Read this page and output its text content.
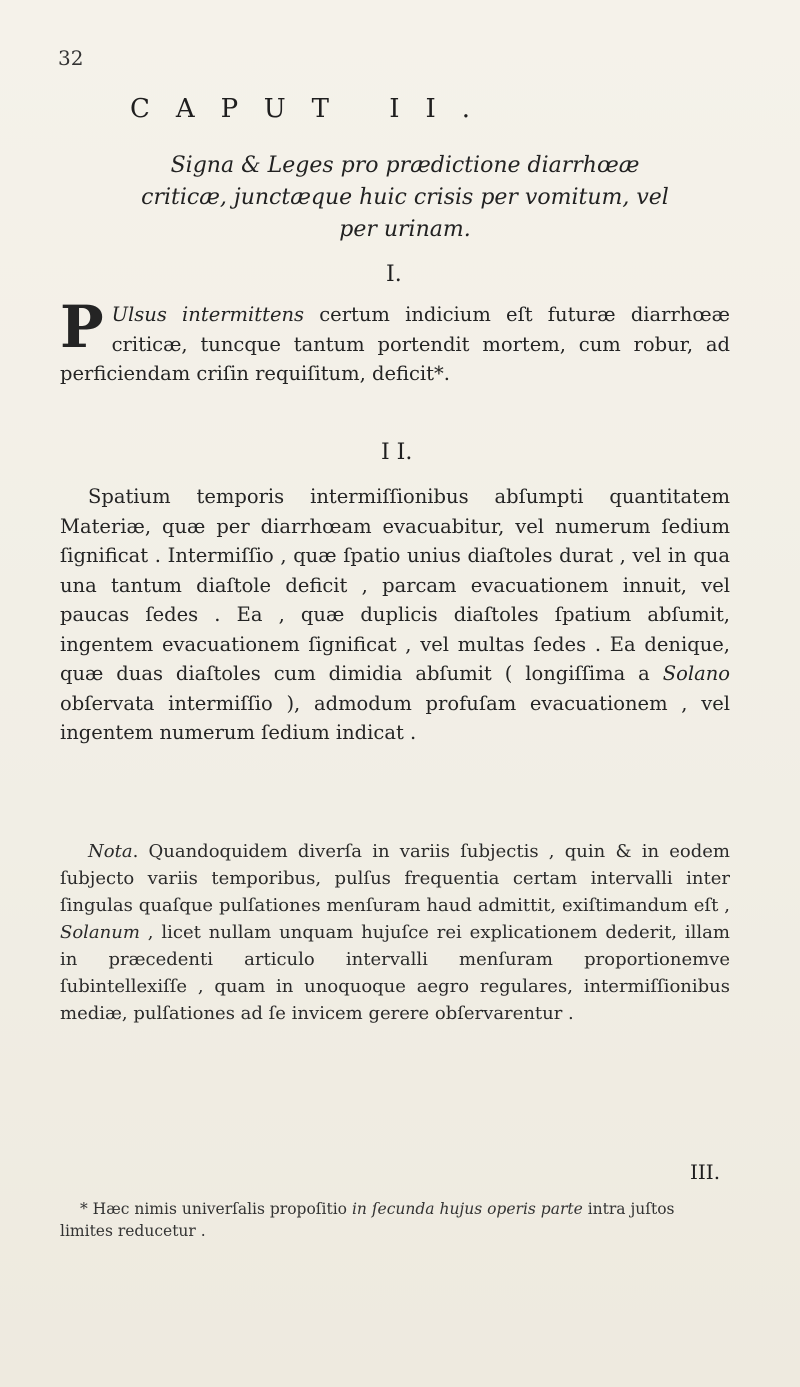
32
CAPUT II.
Signa & Leges pro prædictione diarrhœæ criticæ, junctæque huic crisis per vomitum, vel per urinam.
I.
P Ulsus intermittens certum indicium eſt futuræ diarrhœæ criticæ, tuncque tantum portendit mortem, cum robur, ad perficiendam criſin requiſitum, deficit*.
I I.
Spatium temporis intermiſſionibus abſumpti quantitatem Materiæ, quæ per diarrhœam evacuabitur, vel numerum ſedium ſignificat . Intermiſſio , quæ ſpatio unius diaſtoles durat , vel in qua una tantum diaſtole deficit , parcam evacuationem innuit, vel paucas ſedes . Ea , quæ duplicis diaſtoles ſpatium abſumit, ingentem evacuationem ſignificat , vel multas ſedes . Ea denique, quæ duas diaſtoles cum dimidia abſumit ( longiſſima a Solano obſervata intermiſſio ), admodum profuſam evacuationem , vel ingentem numerum ſedium indicat .
Nota. Quandoquidem diverſa in variis ſubjectis , quin & in eodem ſubjecto variis temporibus, pulſus frequentia certam intervalli inter ſingulas quaſque pulſationes menſuram haud admittit, exiſtimandum eſt , Solanum , licet nullam unquam hujuſce rei explicationem dederit, illam in præcedenti articulo intervalli menſuram proportionemve ſubintellexiſſe , quam in unoquoque aegro regulares, intermiſſionibus mediæ, pulſationes ad ſe invicem gerere obſervarentur .
III.
* Hæc nimis univerſalis propoſitio in ſecunda hujus operis parte intra juſtos limites reducetur .
